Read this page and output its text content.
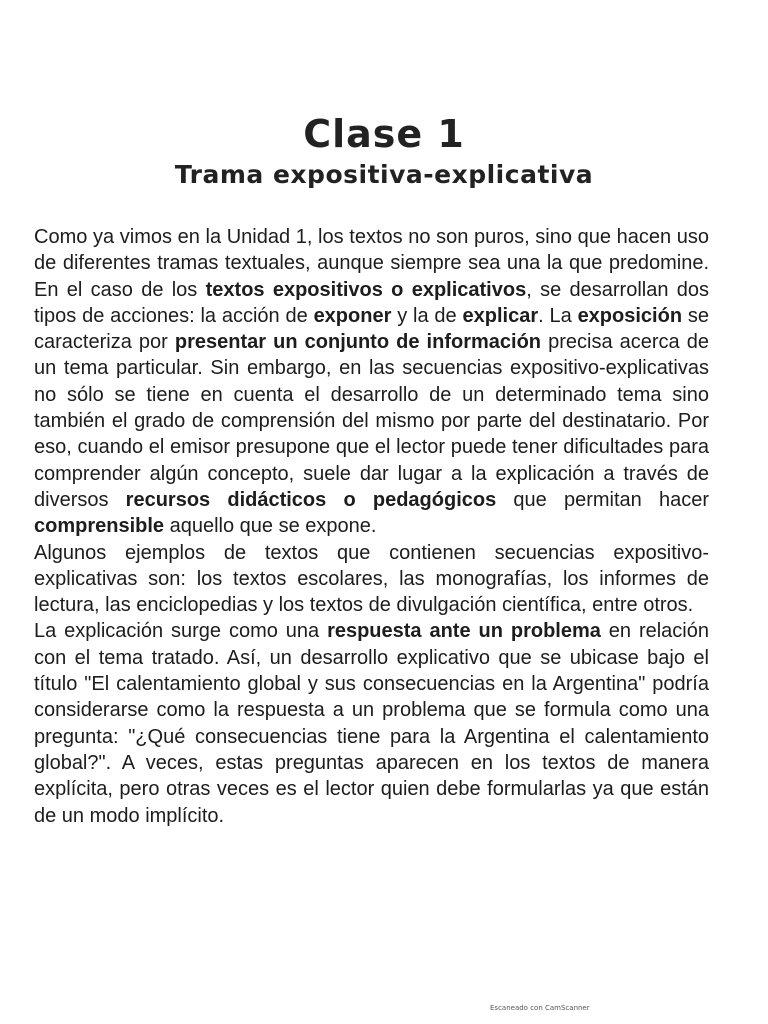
Clase 1
Trama expositiva-explicativa

Como ya vimos en la Unidad 1, los textos no son puros, sino que hacen uso de diferentes tramas textuales, aunque siempre sea una la que predomine. En el caso de los textos expositivos o explicativos, se desarrollan dos tipos de acciones: la acción de exponer y la de explicar. La exposición se caracteriza por presentar un conjunto de información precisa acerca de un tema particular. Sin embargo, en las secuencias expositivo-explicativas no sólo se tiene en cuenta el desarrollo de un determinado tema sino también el grado de comprensión del mismo por parte del destinatario. Por eso, cuando el emisor presupone que el lector puede tener dificultades para comprender algún concepto, suele dar lugar a la explicación a través de diversos recursos didácticos o pedagógicos que permitan hacer comprensible aquello que se expone.

Algunos ejemplos de textos que contienen secuencias expositivo-explicativas son: los textos escolares, las monografías, los informes de lectura, las enciclopedias y los textos de divulgación científica, entre otros.

La explicación surge como una respuesta ante un problema en relación con el tema tratado. Así, un desarrollo explicativo que se ubicase bajo el título "El calentamiento global y sus consecuencias en la Argentina" podría considerarse como la respuesta a un problema que se formula como una pregunta: "¿Qué consecuencias tiene para la Argentina el calentamiento global?". A veces, estas preguntas aparecen en los textos de manera explícita, pero otras veces es el lector quien debe formularlas ya que están de un modo implícito.

Escaneado con CamScanner
